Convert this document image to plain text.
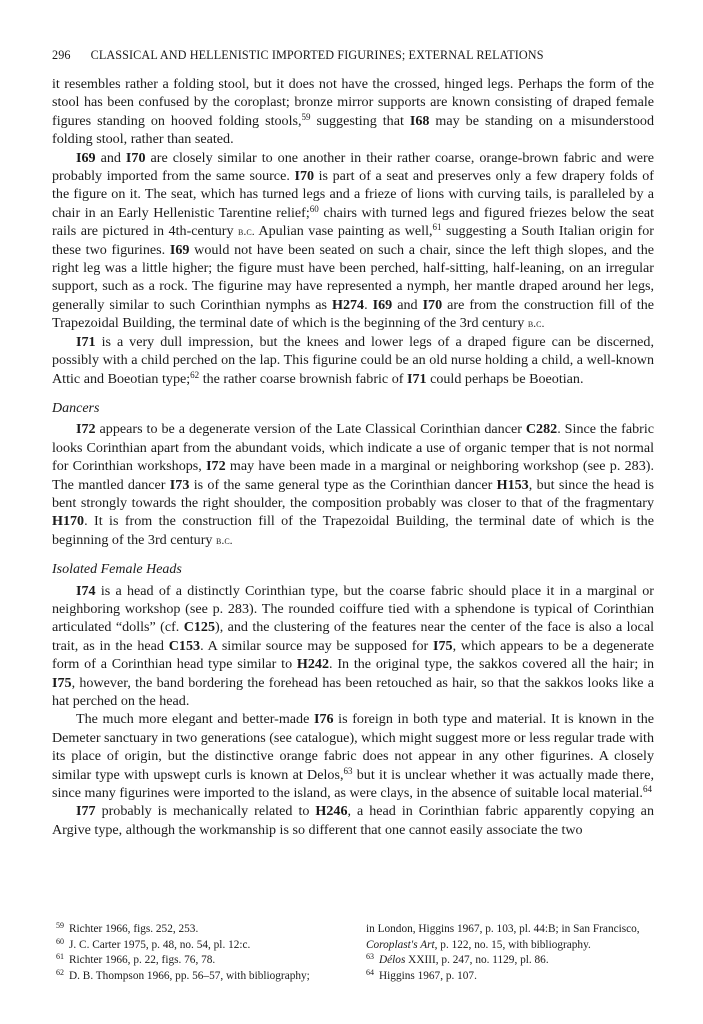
296 CLASSICAL AND HELLENISTIC IMPORTED FIGURINES; EXTERNAL RELATIONS

it resembles rather a folding stool, but it does not have the crossed, hinged legs. Perhaps the form of the stool has been confused by the coroplast; bronze mirror supports are known consisting of draped female figures standing on hooved folding stools,$^{59}$ suggesting that I68 may be standing on a misunderstood folding stool, rather than seated.

I69 and I70 are closely similar to one another in their rather coarse, orange-brown fabric and were probably imported from the same source. I70 is part of a seat and preserves only a few drapery folds of the figure on it. The seat, which has turned legs and a frieze of lions with curving tails, is paralleled by a chair in an Early Hellenistic Tarentine relief;$^{60}$ chairs with turned legs and figured friezes below the seat rails are pictured in 4th-century b.c. Apulian vase painting as well,$^{61}$ suggesting a South Italian origin for these two figurines. I69 would not have been seated on such a chair, since the left thigh slopes, and the right leg was a little higher; the figure must have been perched, half-sitting, half-leaning, on an irregular support, such as a rock. The figurine may have represented a nymph, her mantle draped around her legs, generally similar to such Corinthian nymphs as H274. I69 and I70 are from the construction fill of the Trapezoidal Building, the terminal date of which is the beginning of the 3rd century b.c.

I71 is a very dull impression, but the knees and lower legs of a draped figure can be discerned, possibly with a child perched on the lap. This figurine could be an old nurse holding a child, a well-known Attic and Boeotian type;$^{62}$ the rather coarse brownish fabric of I71 could perhaps be Boeotian.

Dancers

I72 appears to be a degenerate version of the Late Classical Corinthian dancer C282. Since the fabric looks Corinthian apart from the abundant voids, which indicate a use of organic temper that is not normal for Corinthian workshops, I72 may have been made in a marginal or neighboring workshop (see p. 283). The mantled dancer I73 is of the same general type as the Corinthian dancer H153, but since the head is bent strongly towards the right shoulder, the composition probably was closer to that of the fragmentary H170. It is from the construction fill of the Trapezoidal Building, the terminal date of which is the beginning of the 3rd century b.c.

Isolated Female Heads

I74 is a head of a distinctly Corinthian type, but the coarse fabric should place it in a marginal or neighboring workshop (see p. 283). The rounded coiffure tied with a sphendone is typical of Corinthian articulated “dolls” (cf. C125), and the clustering of the features near the center of the face is also a local trait, as in the head C153. A similar source may be supposed for I75, which appears to be a degenerate form of a Corinthian head type similar to H242. In the original type, the sakkos covered all the hair; in I75, however, the band bordering the forehead has been retouched as hair, so that the sakkos looks like a hat perched on the head.

The much more elegant and better-made I76 is foreign in both type and material. It is known in the Demeter sanctuary in two generations (see catalogue), which might suggest more or less regular trade with its place of origin, but the distinctive orange fabric does not appear in any other figurines. A closely similar type with upswept curls is known at Delos,$^{63}$ but it is unclear whether it was actually made there, since many figurines were imported to the island, as were clays, in the absence of suitable local material.$^{64}$

I77 probably is mechanically related to H246, a head in Corinthian fabric apparently copying an Argive type, although the workmanship is so different that one cannot easily associate the two

$^{59}$ Richter 1966, figs. 252, 253.
$^{60}$ J. C. Carter 1975, p. 48, no. 54, pl. 12:c.
$^{61}$ Richter 1966, p. 22, figs. 76, 78.
$^{62}$ D. B. Thompson 1966, pp. 56–57, with bibliography;
in London, Higgins 1967, p. 103, pl. 44:B; in San Francisco, Coroplast's Art, p. 122, no. 15, with bibliography.
$^{63}$ Délos XXIII, p. 247, no. 1129, pl. 86.
$^{64}$ Higgins 1967, p. 107.
